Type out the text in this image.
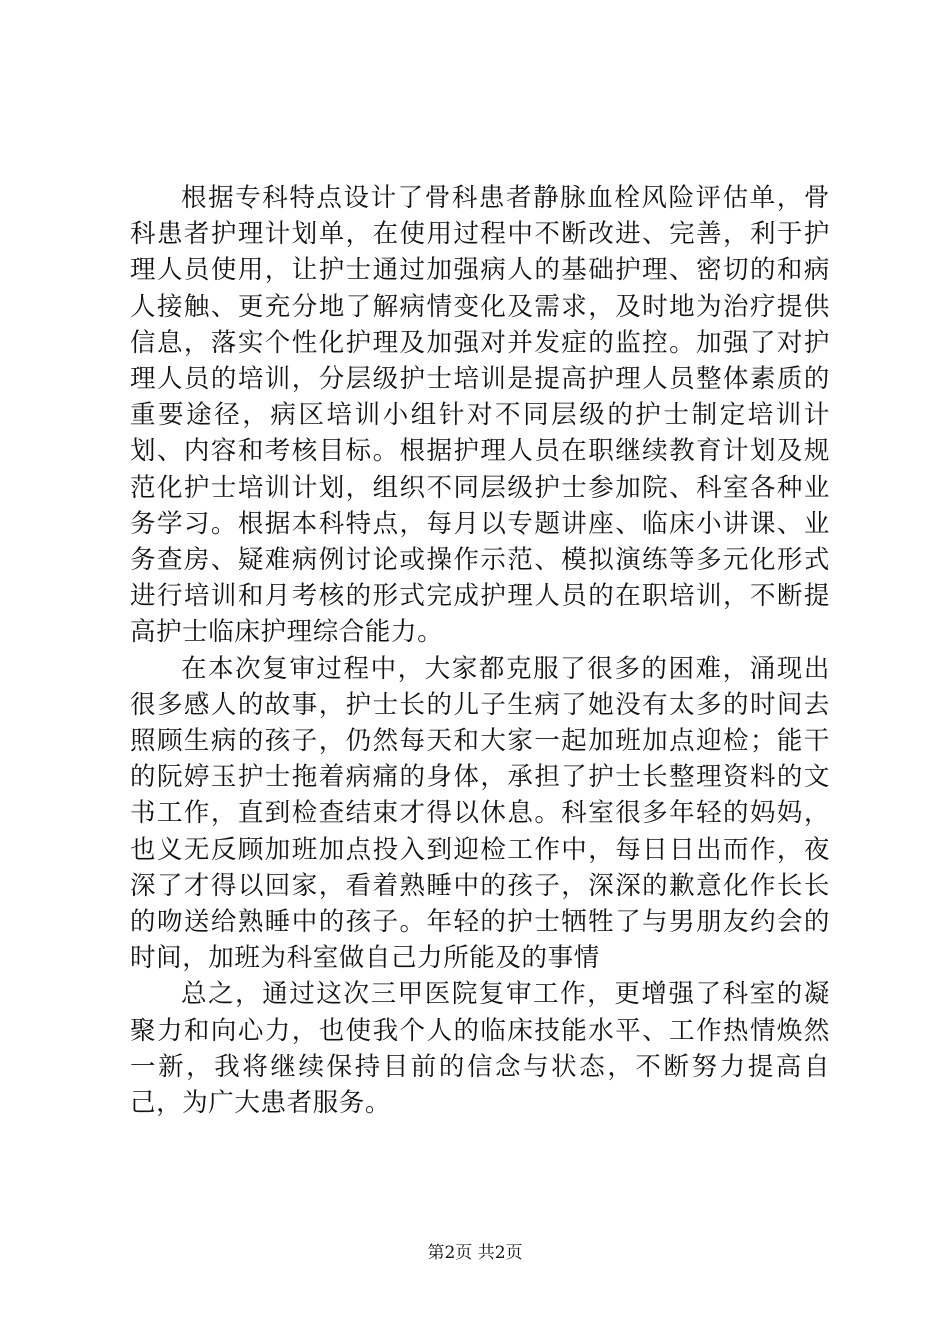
根据专科特点设计了骨科患者静脉血栓风险评估单，骨科患者护理计划单，在使用过程中不断改进、完善，利于护理人员使用，让护士通过加强病人的基础护理、密切的和病人接触、更充分地了解病情变化及需求，及时地为治疗提供信息，落实个性化护理及加强对并发症的监控。加强了对护理人员的培训，分层级护士培训是提高护理人员整体素质的重要途径，病区培训小组针对不同层级的护士制定培训计划、内容和考核目标。根据护理人员在职继续教育计划及规范化护士培训计划，组织不同层级护士参加院、科室各种业务学习。根据本科特点，每月以专题讲座、临床小讲课、业务查房、疑难病例讨论或操作示范、模拟演练等多元化形式进行培训和月考核的形式完成护理人员的在职培训，不断提高护士临床护理综合能力。

在本次复审过程中，大家都克服了很多的困难，涌现出很多感人的故事，护士长的儿子生病了她没有太多的时间去照顾生病的孩子，仍然每天和大家一起加班加点迎检；能干的阮婷玉护士拖着病痛的身体，承担了护士长整理资料的文书工作，直到检查结束才得以休息。科室很多年轻的妈妈，也义无反顾加班加点投入到迎检工作中，每日日出而作，夜深了才得以回家，看着熟睡中的孩子，深深的歉意化作长长的吻送给熟睡中的孩子。年轻的护士牺牲了与男朋友约会的时间，加班为科室做自己力所能及的事情

总之，通过这次三甲医院复审工作，更增强了科室的凝聚力和向心力，也使我个人的临床技能水平、工作热情焕然一新，我将继续保持目前的信念与状态，不断努力提高自己，为广大患者服务。

第2页 共2页
